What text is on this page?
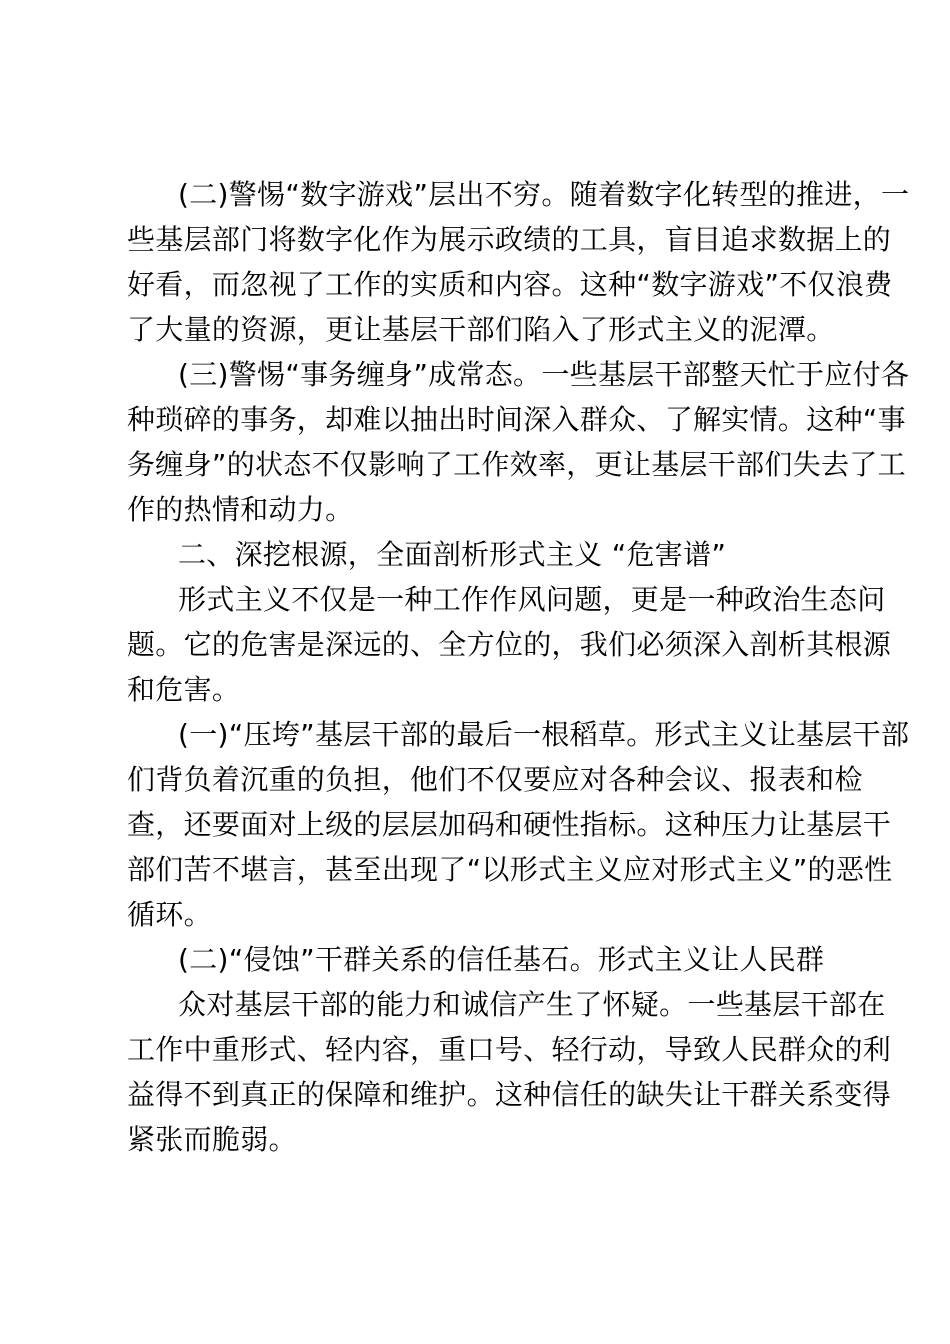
(二)警惕“数字游戏”层出不穷。随着数字化转型的推进，一
些基层部门将数字化作为展示政绩的工具，盲目追求数据上的
好看，而忽视了工作的实质和内容。这种“数字游戏”不仅浪费
了大量的资源，更让基层干部们陷入了形式主义的泥潭。
(三)警惕“事务缠身”成常态。一些基层干部整天忙于应付各
种琐碎的事务，却难以抽出时间深入群众、了解实情。这种“事
务缠身”的状态不仅影响了工作效率，更让基层干部们失去了工
作的热情和动力。
二、深挖根源，全面剖析形式主义 “危害谱”
形式主义不仅是一种工作作风问题，更是一种政治生态问
题。它的危害是深远的、全方位的，我们必须深入剖析其根源
和危害。
(一)“压垮”基层干部的最后一根稻草。形式主义让基层干部
们背负着沉重的负担，他们不仅要应对各种会议、报表和检
查，还要面对上级的层层加码和硬性指标。这种压力让基层干
部们苦不堪言，甚至出现了“以形式主义应对形式主义”的恶性
循环。
(二)“侵蚀”干群关系的信任基石。形式主义让人民群
众对基层干部的能力和诚信产生了怀疑。一些基层干部在
工作中重形式、轻内容，重口号、轻行动，导致人民群众的利
益得不到真正的保障和维护。这种信任的缺失让干群关系变得
紧张而脆弱。
